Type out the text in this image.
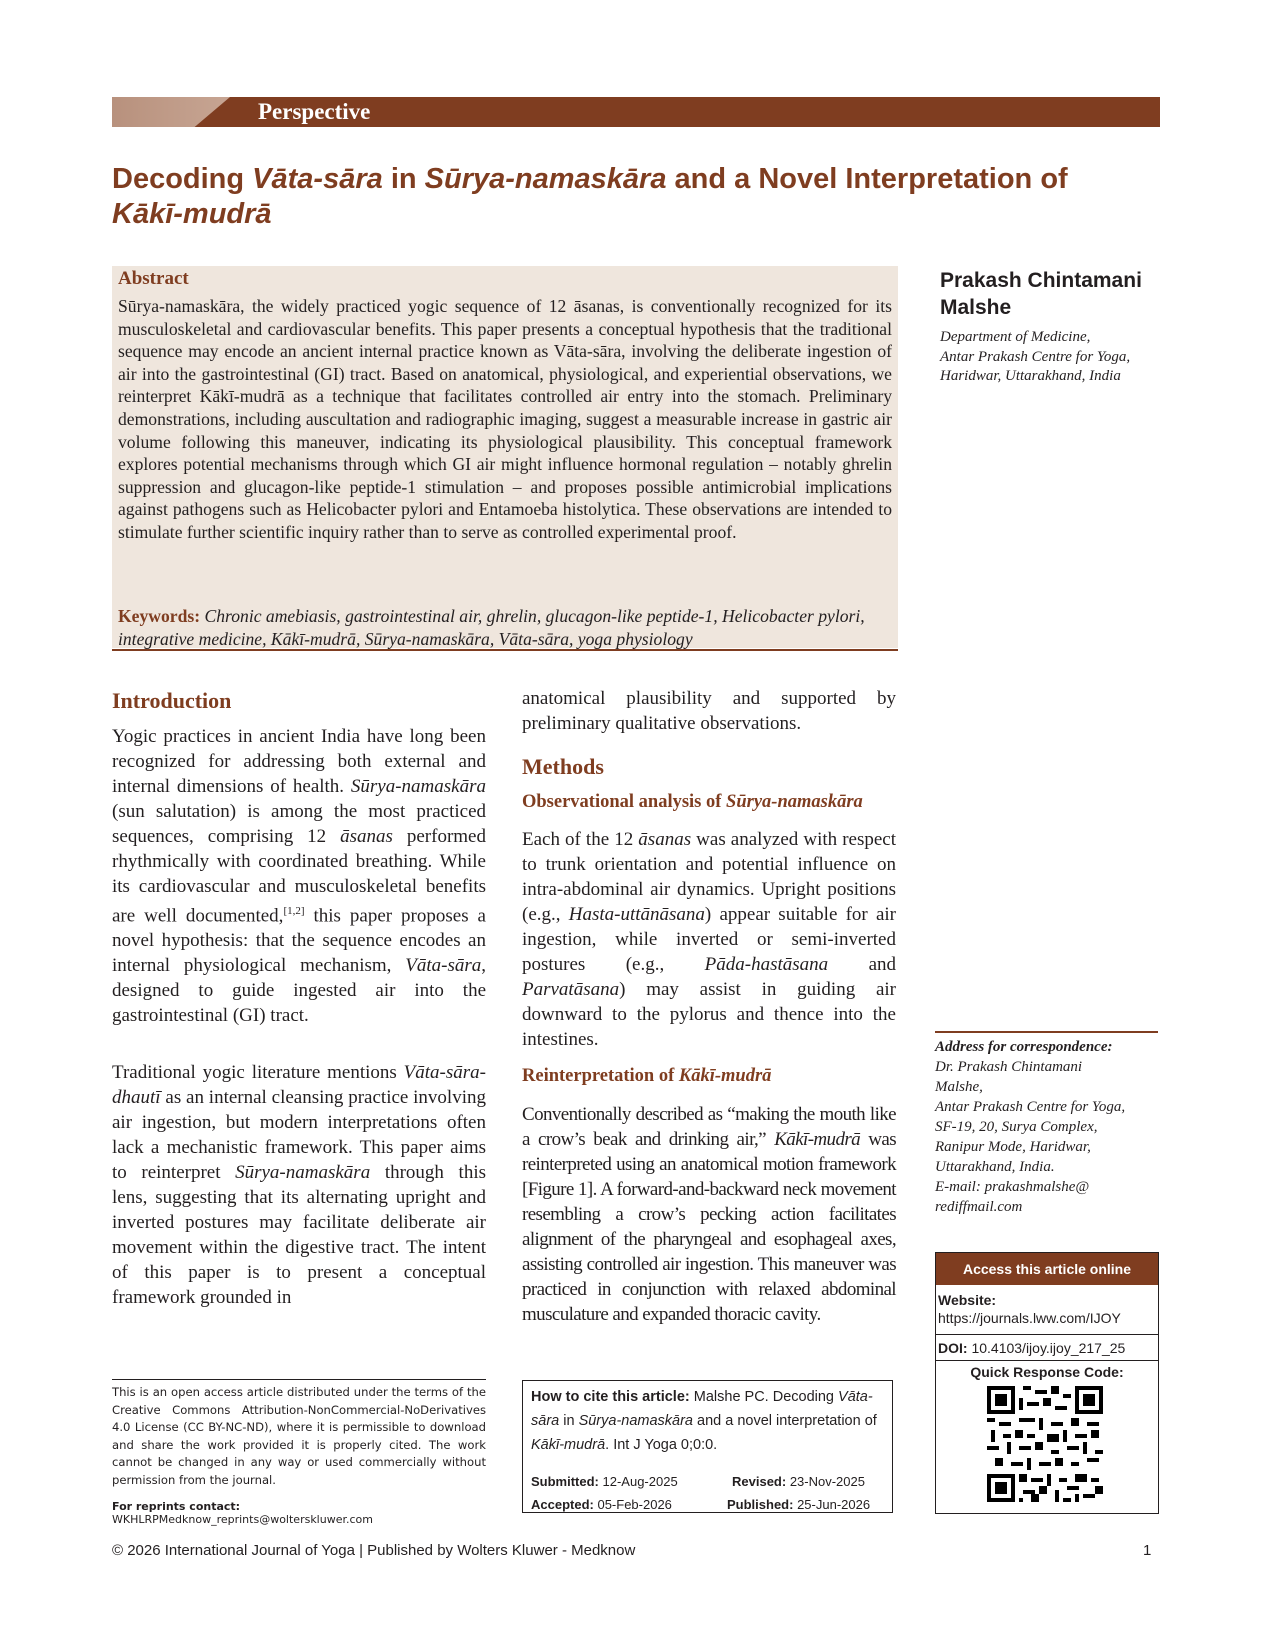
Perspective
Decoding Vāta-sāra in Sūrya-namaskāra and a Novel Interpretation of
Kākī-mudrā
Abstract
Sūrya-namaskāra, the widely practiced yogic sequence of 12 āsanas, is conventionally recognized for its musculoskeletal and cardiovascular benefits. This paper presents a conceptual hypothesis that the traditional sequence may encode an ancient internal practice known as Vāta-sāra, involving the deliberate ingestion of air into the gastrointestinal (GI) tract. Based on anatomical, physiological, and experiential observations, we reinterpret Kākī-mudrā as a technique that facilitates controlled air entry into the stomach. Preliminary demonstrations, including auscultation and radiographic imaging, suggest a measurable increase in gastric air volume following this maneuver, indicating its physiological plausibility. This conceptual framework explores potential mechanisms through which GI air might influence hormonal regulation – notably ghrelin suppression and glucagon-like peptide-1 stimulation – and proposes possible antimicrobial implications against pathogens such as Helicobacter pylori and Entamoeba histolytica. These observations are intended to stimulate further scientific inquiry rather than to serve as controlled experimental proof.
Keywords: Chronic amebiasis, gastrointestinal air, ghrelin, glucagon-like peptide-1, Helicobacter pylori, integrative medicine, Kākī-mudrā, Sūrya-namaskāra, Vāta-sāra, yoga physiology
Prakash Chintamani Malshe
Department of Medicine,
Antar Prakash Centre for Yoga,
Haridwar, Uttarakhand, India
Introduction
Yogic practices in ancient India have long been recognized for addressing both external and internal dimensions of health. Sūrya-namaskāra (sun salutation) is among the most practiced sequences, comprising 12 āsanas performed rhythmically with coordinated breathing. While its cardiovascular and musculoskeletal benefits are well documented,[1,2] this paper proposes a novel hypothesis: that the sequence encodes an internal physiological mechanism, Vāta-sāra, designed to guide ingested air into the gastrointestinal (GI) tract.
Traditional yogic literature mentions Vāta-sāra-dhautī as an internal cleansing practice involving air ingestion, but modern interpretations often lack a mechanistic framework. This paper aims to reinterpret Sūrya-namaskāra through this lens, suggesting that its alternating upright and inverted postures may facilitate deliberate air movement within the digestive tract. The intent of this paper is to present a conceptual framework grounded in
anatomical plausibility and supported by preliminary qualitative observations.
Methods
Observational analysis of Sūrya-namaskāra
Each of the 12 āsanas was analyzed with respect to trunk orientation and potential influence on intra-abdominal air dynamics. Upright positions (e.g., Hasta-uttānāsana) appear suitable for air ingestion, while inverted or semi-inverted postures (e.g., Pāda-hastāsana and Parvatāsana) may assist in guiding air downward to the pylorus and thence into the intestines.
Reinterpretation of Kākī-mudrā
Conventionally described as “making the mouth like a crow’s beak and drinking air,” Kākī-mudrā was reinterpreted using an anatomical motion framework [Figure 1]. A forward-and-backward neck movement resembling a crow’s pecking action facilitates alignment of the pharyngeal and esophageal axes, assisting controlled air ingestion. This maneuver was practiced in conjunction with relaxed abdominal musculature and expanded thoracic cavity.
This is an open access article distributed under the terms of the Creative Commons Attribution-NonCommercial-NoDerivatives 4.0 License (CC BY-NC-ND), where it is permissible to download and share the work provided it is properly cited. The work cannot be changed in any way or used commercially without permission from the journal.
For reprints contact: WKHLRPMedknow_reprints@wolterskluwer.com
How to cite this article: Malshe PC. Decoding Vāta-sāra in Sūrya-namaskāra and a novel interpretation of Kākī-mudrā. Int J Yoga 0;0:0.
Submitted: 12-Aug-2025	Revised: 23-Nov-2025
Accepted: 05-Feb-2026	Published: 25-Jun-2026
Address for correspondence:
Dr. Prakash Chintamani
Malshe,
Antar Prakash Centre for Yoga,
SF-19, 20, Surya Complex,
Ranipur Mode, Haridwar,
Uttarakhand, India.
E-mail: prakashmalshe@
rediffmail.com
Access this article online
Website: https://journals.lww.com/IJOY
DOI: 10.4103/ijoy.ijoy_217_25
Quick Response Code:
© 2026 International Journal of Yoga | Published by Wolters Kluwer - Medknow	1
